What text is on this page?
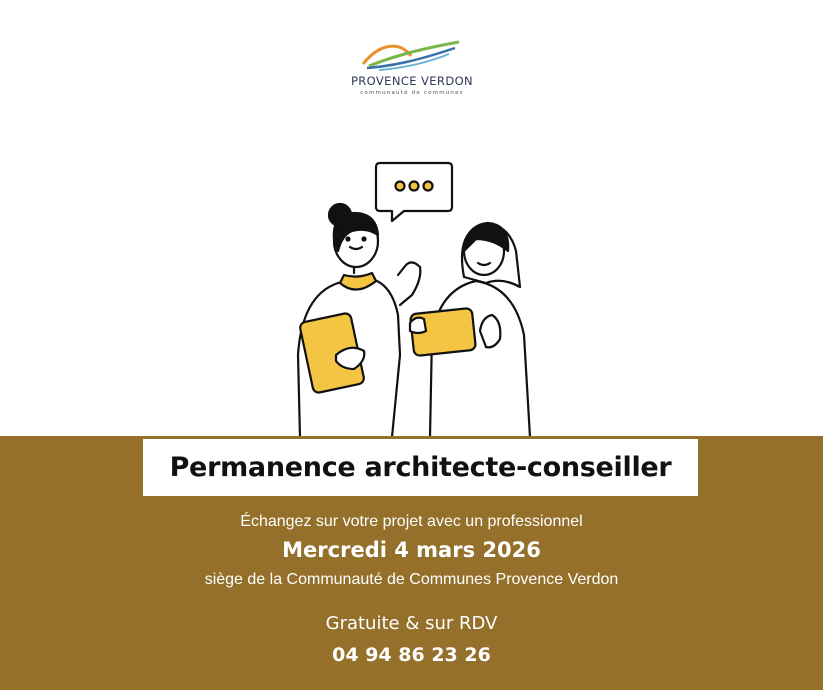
PROVENCE VERDON
communauté de communes
Permanence architecte-conseiller
Échangez sur votre projet avec un professionnel
Mercredi 4 mars 2026
siège de la Communauté de Communes Provence Verdon
Gratuite & sur RDV
04 94 86 23 26
